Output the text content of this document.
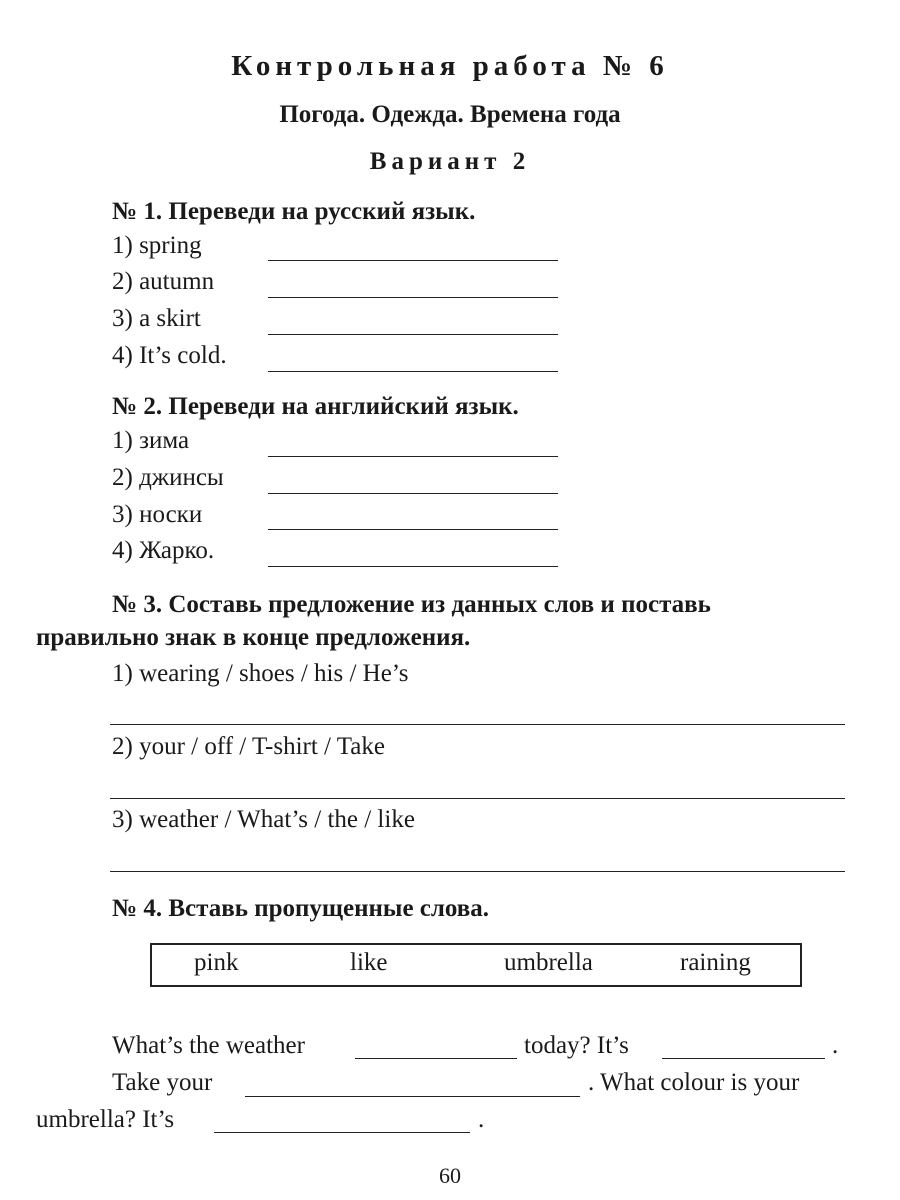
Контрольная работа № 6
Погода. Одежда. Времена года
Вариант 2
№ 1. Переведи на русский язык.
1) spring
2) autumn
3) a skirt
4) It’s cold.
№ 2. Переведи на английский язык.
1) зима
2) джинсы
3) носки
4) Жарко.
№ 3. Составь предложение из данных слов и поставь
правильно знак в конце предложения.
1) wearing / shoes / his / He’s
2) your / off / T-shirt / Take
3) weather / What’s / the / like
№ 4. Вставь пропущенные слова.
pink	like	umbrella	raining
What’s the weather	today? It’s	.
Take your	. What colour is your
umbrella? It’s	.
60
